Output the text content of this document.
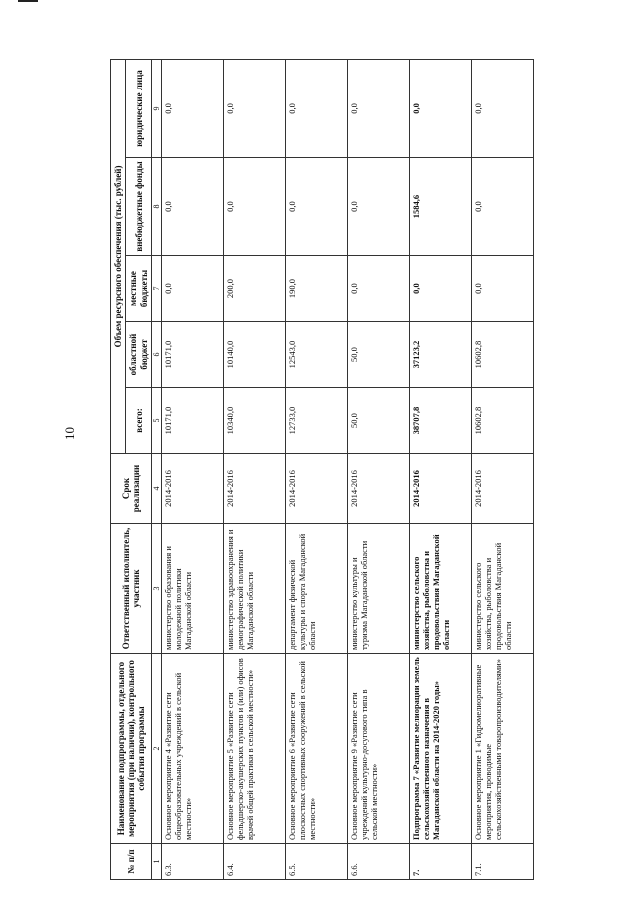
10
№ п/п	Наименование подпрограммы, отдельного мероприятия (при наличии), контрольного события программы	Ответственный исполнитель, участник	Срок реализации	Объем ресурсного обеспечения (тыс. рублей)				
				всего:	областной бюджет	местные бюджеты	внебюджетные фонды	юридические лица
1	2	3	4	5	6	7	8	9
6.3.	Основное мероприятие 4 «Развитие сети общеобразовательных учреждений в сельской местности»	министерство образования и молодежной политики Магаданской области	2014-2016	10171,0	10171,0	0,0	0,0	0,0
6.4.	Основное мероприятие 5 «Развитие сети фельдшерско-акушерских пунктов и (или) офисов врачей общей практики в сельской местности»	министерство здравоохранения и демографической политики Магаданской области	2014-2016	10340,0	10140,0	200,0	0,0	0,0
6.5.	Основное мероприятие 6 «Развитие сети плоскостных спортивных сооружений в сельской местности»	департамент физической культуры и спорта Магаданской области	2014-2016	12733,0	12543,0	190,0	0,0	0,0
6.6.	Основное мероприятие 9 «Развитие сети учреждений культурно-досугового типа в сельской местности»	министерство культуры и туризма Магаданской области	2014-2016	50,0	50,0	0,0	0,0	0,0
7.	Подпрограмма 7 «Развитие мелиорации земель сельскохозяйственного назначения в Магаданской области на 2014-2020 годы»	министерство сельского хозяйства, рыболовства и продовольствия Магаданской области	2014-2016	38707,8	37123,2	0,0	1584,6	0,0
7.1.	Основное мероприятие 1 «Гидромелиоративные мероприятия, проводимые сельскохозяйственными товаропроизводителями»	министерство сельского хозяйства, рыболовства и продовольствия Магаданской области	2014-2016	10602,8	10602,8	0,0	0,0	0,0
